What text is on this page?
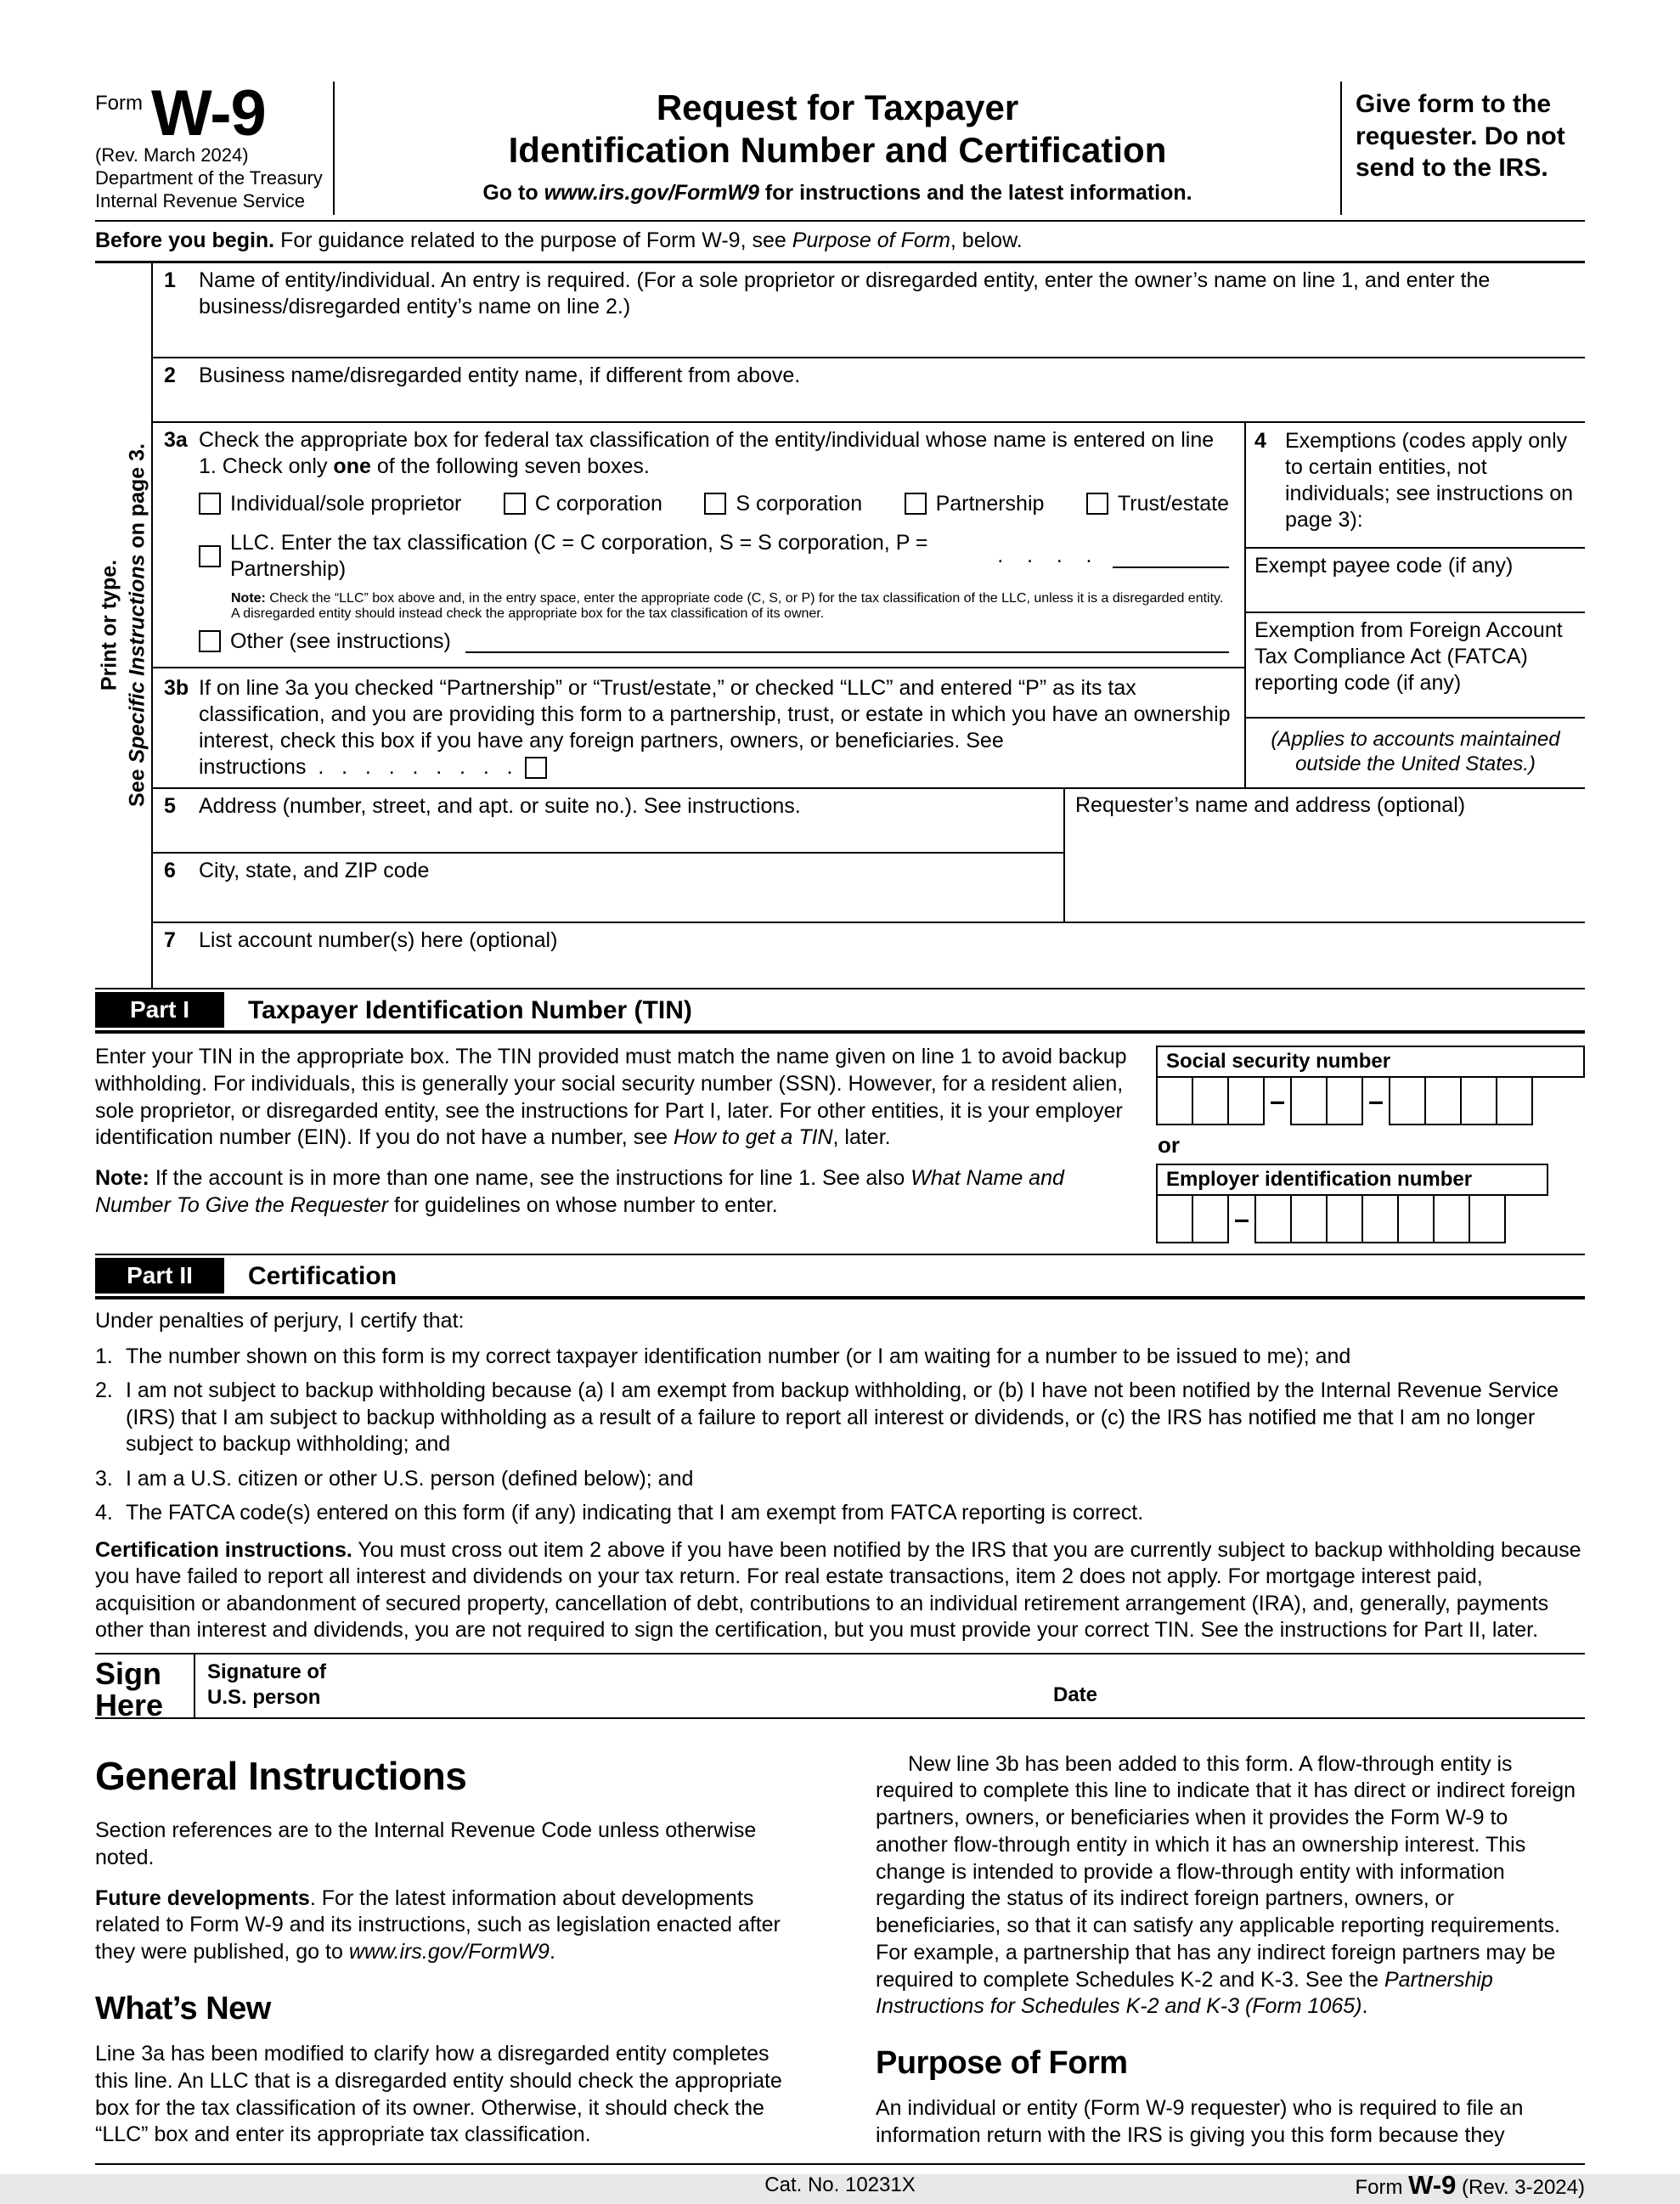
Form W-9
(Rev. March 2024)
Department of the Treasury
Internal Revenue Service
Request for Taxpayer
Identification Number and Certification
Go to www.irs.gov/FormW9 for instructions and the latest information.
Give form to the requester. Do not send to the IRS.
Before you begin. For guidance related to the purpose of Form W-9, see Purpose of Form, below.
Print or type.
See Specific Instructions on page 3.
1	Name of entity/individual. An entry is required. (For a sole proprietor or disregarded entity, enter the owner’s name on line 1, and enter the business/disregarded entity’s name on line 2.)
2	Business name/disregarded entity name, if different from above.
3a Check the appropriate box for federal tax classification of the entity/individual whose name is entered on line 1. Check only one of the following seven boxes.
Individual/sole proprietor	C corporation	S corporation	Partnership	Trust/estate
LLC. Enter the tax classification (C = C corporation, S = S corporation, P = Partnership)
.    .    .    .
Note: Check the “LLC” box above and, in the entry space, enter the appropriate code (C, S, or P) for the tax classification of the LLC, unless it is a disregarded entity. A disregarded entity should instead check the appropriate box for the tax classification of its owner.
Other (see instructions)
3b If on line 3a you checked “Partnership” or “Trust/estate,” or checked “LLC” and entered “P” as its tax classification, and you are providing this form to a partnership, trust, or estate in which you have an ownership interest, check this box if you have any foreign partners, owners, or beneficiaries. See instructions  .   .   .   .   .   .   .   .   .
4 Exemptions (codes apply only to certain entities, not individuals; see instructions on page 3):
Exempt payee code (if any)
Exemption from Foreign Account Tax Compliance Act (FATCA) reporting code (if any)
(Applies to accounts maintained outside the United States.)
5	Address (number, street, and apt. or suite no.). See instructions.
6	City, state, and ZIP code
Requester’s name and address (optional)
7	List account number(s) here (optional)
Part I	Taxpayer Identification Number (TIN)

Enter your TIN in the appropriate box. The TIN provided must match the name given on line 1 to avoid backup withholding. For individuals, this is generally your social security number (SSN). However, for a resident alien, sole proprietor, or disregarded entity, see the instructions for Part I, later. For other entities, it is your employer identification number (EIN). If you do not have a number, see How to get a TIN, later.

Note: If the account is in more than one name, see the instructions for line 1. See also What Name and Number To Give the Requester for guidelines on whose number to enter.

Social security number
–	–
or
Employer identification number
–
Part II	Certification
Under penalties of perjury, I certify that:
1. The number shown on this form is my correct taxpayer identification number (or I am waiting for a number to be issued to me); and
2. I am not subject to backup withholding because (a) I am exempt from backup withholding, or (b) I have not been notified by the Internal Revenue Service (IRS) that I am subject to backup withholding as a result of a failure to report all interest or dividends, or (c) the IRS has notified me that I am no longer subject to backup withholding; and
3. I am a U.S. citizen or other U.S. person (defined below); and
4. The FATCA code(s) entered on this form (if any) indicating that I am exempt from FATCA reporting is correct.

Certification instructions. You must cross out item 2 above if you have been notified by the IRS that you are currently subject to backup withholding because you have failed to report all interest and dividends on your tax return. For real estate transactions, item 2 does not apply. For mortgage interest paid, acquisition or abandonment of secured property, cancellation of debt, contributions to an individual retirement arrangement (IRA), and, generally, payments other than interest and dividends, you are not required to sign the certification, but you must provide your correct TIN. See the instructions for Part II, later.

Sign
Here
Signature of
U.S. person	Date
General Instructions

Section references are to the Internal Revenue Code unless otherwise noted.

Future developments. For the latest information about developments related to Form W-9 and its instructions, such as legislation enacted after they were published, go to www.irs.gov/FormW9.

What’s New

Line 3a has been modified to clarify how a disregarded entity completes this line. An LLC that is a disregarded entity should check the appropriate box for the tax classification of its owner. Otherwise, it should check the “LLC” box and enter its appropriate tax classification.

New line 3b has been added to this form. A flow-through entity is required to complete this line to indicate that it has direct or indirect foreign partners, owners, or beneficiaries when it provides the Form W-9 to another flow-through entity in which it has an ownership interest. This change is intended to provide a flow-through entity with information regarding the status of its indirect foreign partners, owners, or beneficiaries, so that it can satisfy any applicable reporting requirements. For example, a partnership that has any indirect foreign partners may be required to complete Schedules K-2 and K-3. See the Partnership Instructions for Schedules K-2 and K-3 (Form 1065).

Purpose of Form

An individual or entity (Form W-9 requester) who is required to file an information return with the IRS is giving you this form because they

Cat. No. 10231X	Form W-9 (Rev. 3-2024)
